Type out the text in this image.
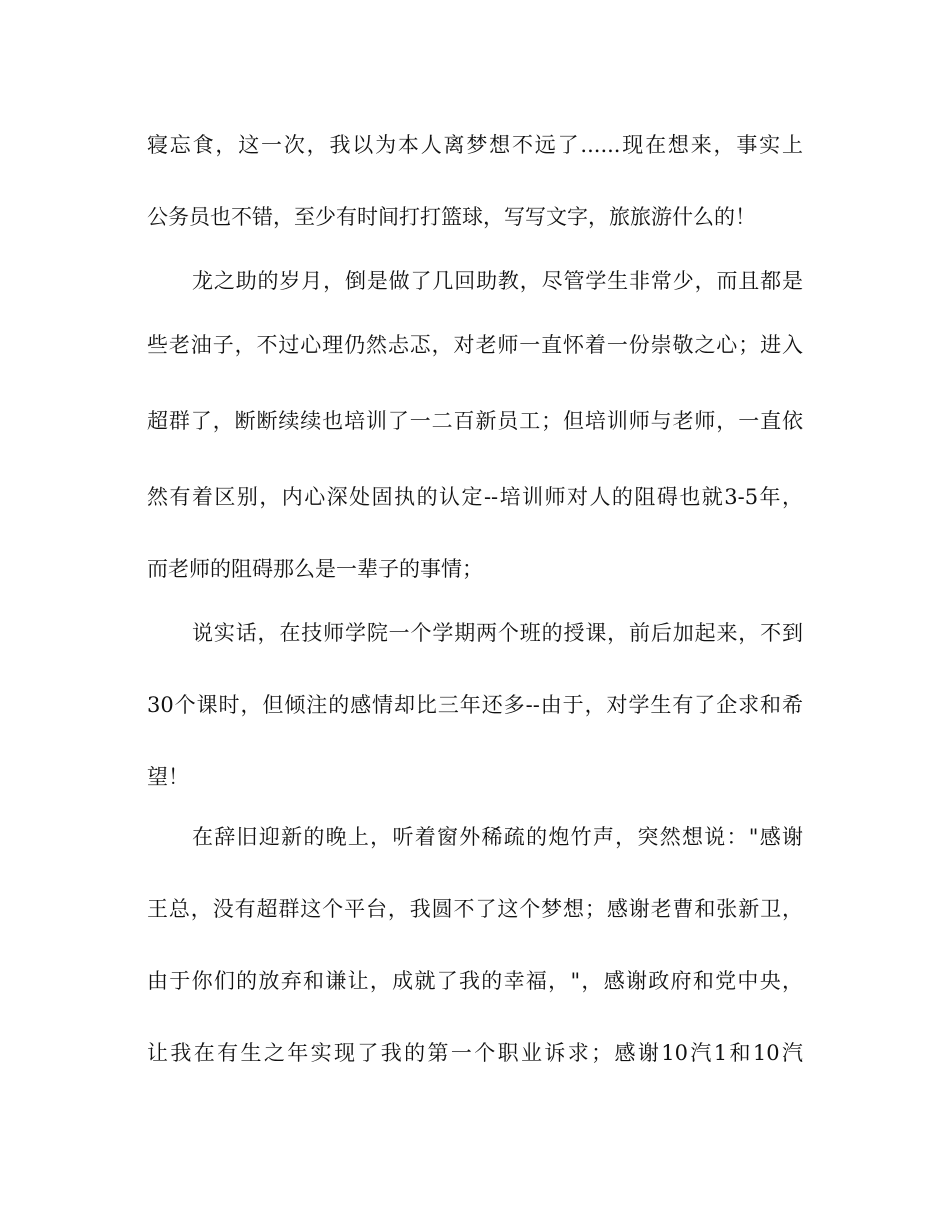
寝忘食，这一次，我以为本人离梦想不远了......现在想来，事实上
公务员也不错，至少有时间打打篮球，写写文字，旅旅游什么的！
龙之助的岁月，倒是做了几回助教，尽管学生非常少，而且都是
些老油子，不过心理仍然忐忑，对老师一直怀着一份崇敬之心；进入
超群了，断断续续也培训了一二百新员工；但培训师与老师，一直依
然有着区别，内心深处固执的认定--培训师对人的阻碍也就3-5年，
而老师的阻碍那么是一辈子的事情；
说实话，在技师学院一个学期两个班的授课，前后加起来，不到
30个课时，但倾注的感情却比三年还多--由于，对学生有了企求和希
望！
在辞旧迎新的晚上，听着窗外稀疏的炮竹声，突然想说："感谢
王总，没有超群这个平台，我圆不了这个梦想；感谢老曹和张新卫，
由于你们的放弃和谦让，成就了我的幸福，"，感谢政府和党中央，
让我在有生之年实现了我的第一个职业诉求；感谢10汽1和10汽
